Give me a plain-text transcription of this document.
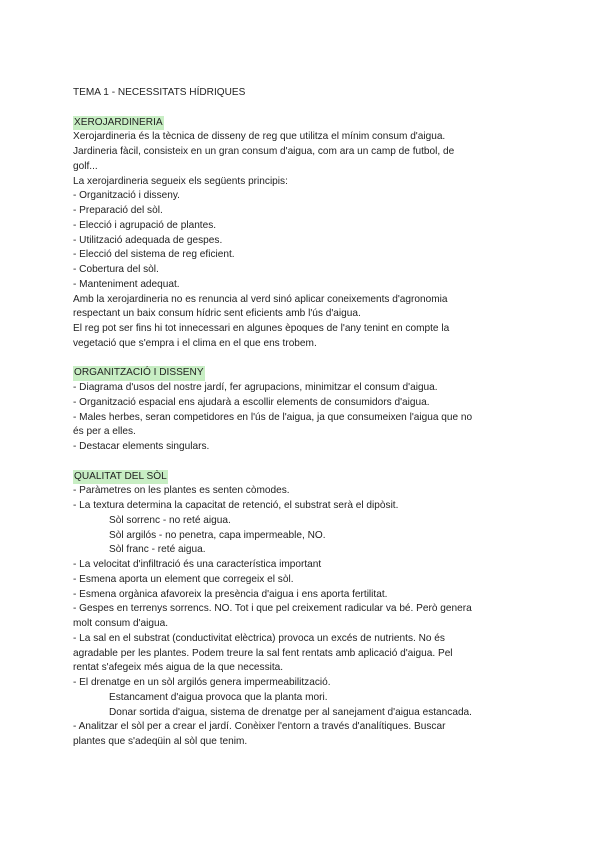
TEMA 1 - NECESSITATS HÍDRIQUES
XEROJARDINERIA
Xerojardineria és la tècnica de disseny de reg que utilitza el mínim consum d'aigua.
Jardineria fàcil, consisteix en un gran consum d'aigua, com ara un camp de futbol, de
golf...
La xerojardineria segueix els següents principis:
- Organització i disseny.
- Preparació del sòl.
- Elecció i agrupació de plantes.
- Utilització adequada de gespes.
- Elecció del sistema de reg eficient.
- Cobertura del sòl.
- Manteniment adequat.
Amb la xerojardineria no es renuncia al verd sinó aplicar coneixements d'agronomia
respectant un baix consum hídric sent eficients amb l'ús d'aigua.
El reg pot ser fins hi tot innecessari en algunes èpoques de l'any tenint en compte la
vegetació que s'empra i el clima en el que ens trobem.
ORGANITZACIÓ I DISSENY
- Diagrama d'usos del nostre jardí, fer agrupacions, minimitzar el consum d'aigua.
- Organització espacial ens ajudarà a escollir elements de consumidors d'aigua.
- Males herbes, seran competidores en l'ús de l'aigua, ja que consumeixen l'aigua que no
és per a elles.
- Destacar elements singulars.
QUALITAT DEL SÒL
- Paràmetres on les plantes es senten còmodes.
- La textura determina la capacitat de retenció, el substrat serà el dipòsit.
Sòl sorrenc - no reté aigua.
Sòl argilós - no penetra, capa impermeable, NO.
Sòl franc - reté aigua.
- La velocitat d'infiltració és una característica important
- Esmena aporta un element que corregeix el sòl.
- Esmena orgànica afavoreix la presència d'aigua i ens aporta fertilitat.
- Gespes en terrenys sorrencs. NO. Tot i que pel creixement radicular va bé. Però genera
molt consum d'aigua.
- La sal en el substrat (conductivitat elèctrica) provoca un excés de nutrients. No és
agradable per les plantes. Podem treure la sal fent rentats amb aplicació d'aigua. Pel
rentat s'afegeix més aigua de la que necessita.
- El drenatge en un sòl argilós genera impermeabilització.
Estancament d'aigua provoca que la planta mori.
Donar sortida d'aigua, sistema de drenatge per al sanejament d'aigua estancada.
- Analitzar el sòl per a crear el jardí. Conèixer l'entorn a través d'analítiques. Buscar
plantes que s'adeqüin al sòl que tenim.
